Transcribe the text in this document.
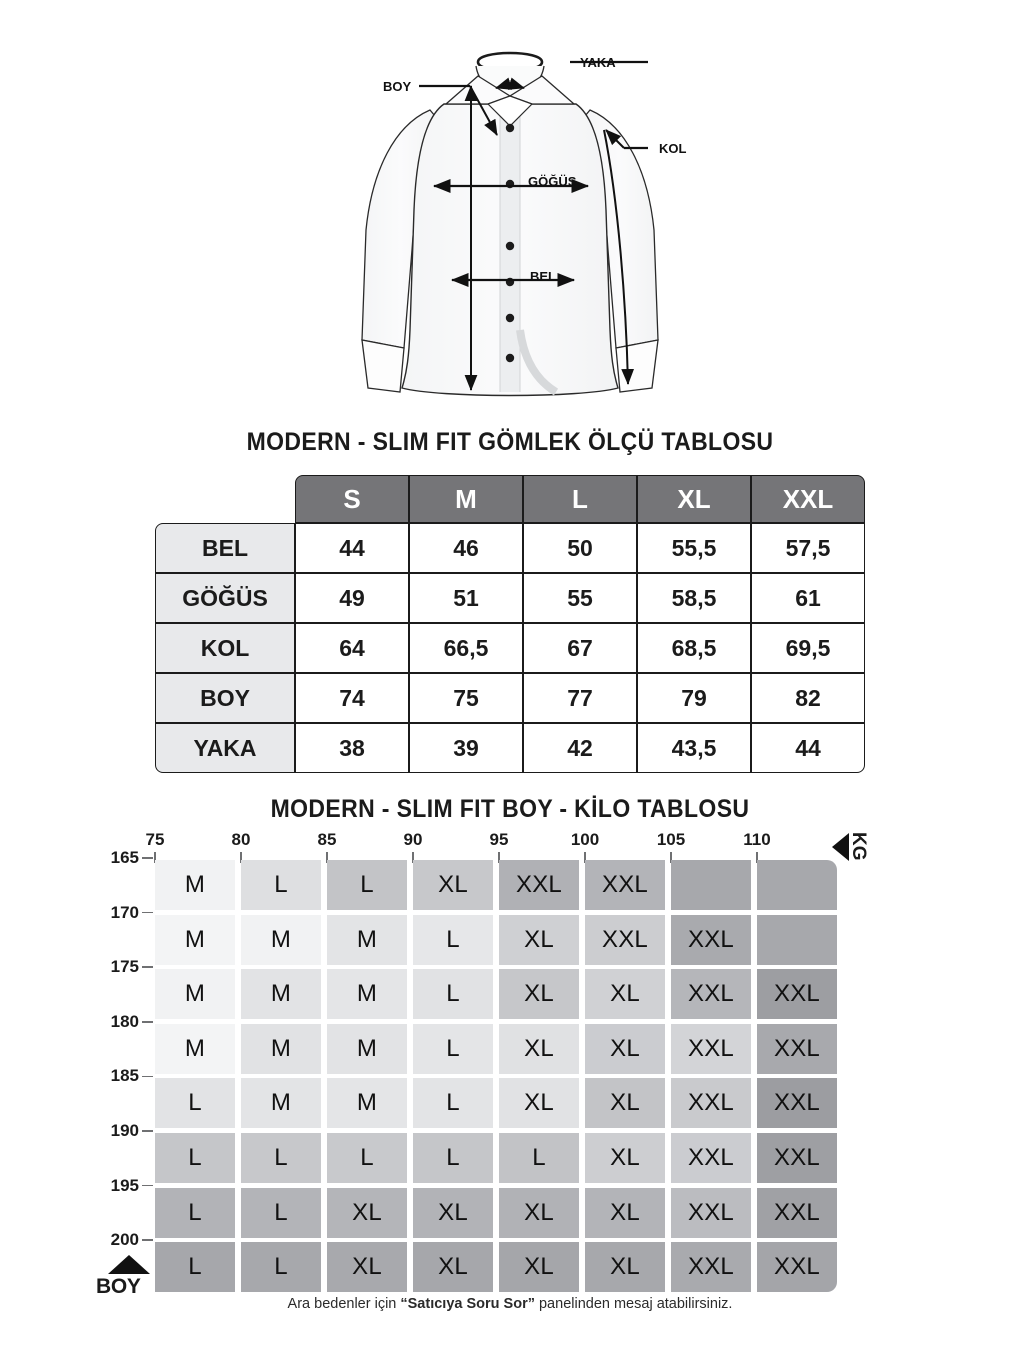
YAKA
BOY
KOL
GÖĞÜS
BEL
MODERN - SLIM FIT GÖMLEK ÖLÇÜ TABLOSU
	S	M	L	XL	XXL
BEL	44	46	50	55,5	57,5
GÖĞÜS	49	51	55	58,5	61
KOL	64	66,5	67	68,5	69,5
BOY	74	75	77	79	82
YAKA	38	39	42	43,5	44
MODERN - SLIM FIT BOY - KİLO TABLOSU
75	80	85	90	95	100	105	110
165
M	L	L	XL	XXL	XXL
170
M	M	M	L	XL	XXL	XXL
175
M	M	M	L	XL	XL	XXL	XXL
180
M	M	M	L	XL	XL	XXL	XXL
185
L	M	M	L	XL	XL	XXL	XXL
190
L	L	L	L	L	XL	XXL	XXL
195
L	L	XL	XL	XL	XL	XXL	XXL
200
L	L	XL	XL	XL	XL	XXL	XXL
KG
BOY
Ara bedenler için “Satıcıya Soru Sor” panelinden mesaj atabilirsiniz.
